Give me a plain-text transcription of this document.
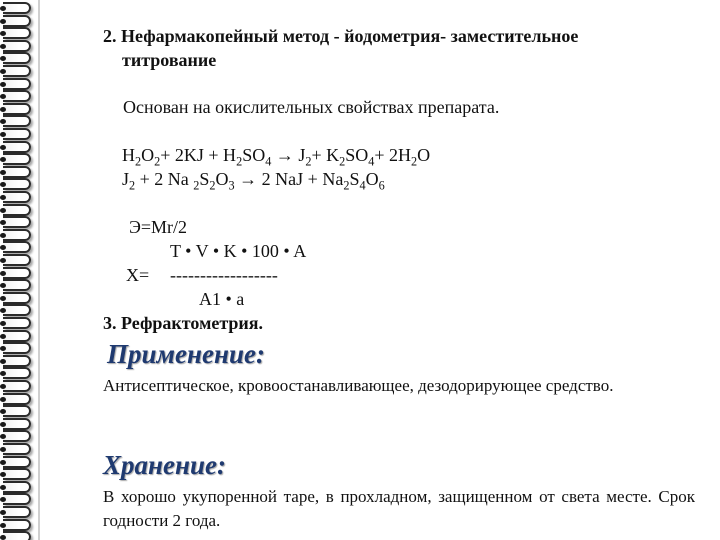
2. Нефармакопейный метод - йодометрия- заместительное
титрование
Основан на окислительных свойствах препарата.
$H_2O_2+ 2KJ + H_2SO_4 \to J_2+ K_2SO_4+ 2H_2O$
$J_2 + 2$ Na $_2S_2O_3 \to 2$ NaJ + $Na_2S_4O_6$
Э=Mr/2
T • V • K • 100 • A
X= ------------------
A1 • a
3. Рефрактометрия.
Применение:
Антисептическое, кровоостанавливающее, дезодорирующее средство.
Хранение:
В хорошо укупоренной таре, в прохладном, защищенном от света месте. Срок годности 2 года.
